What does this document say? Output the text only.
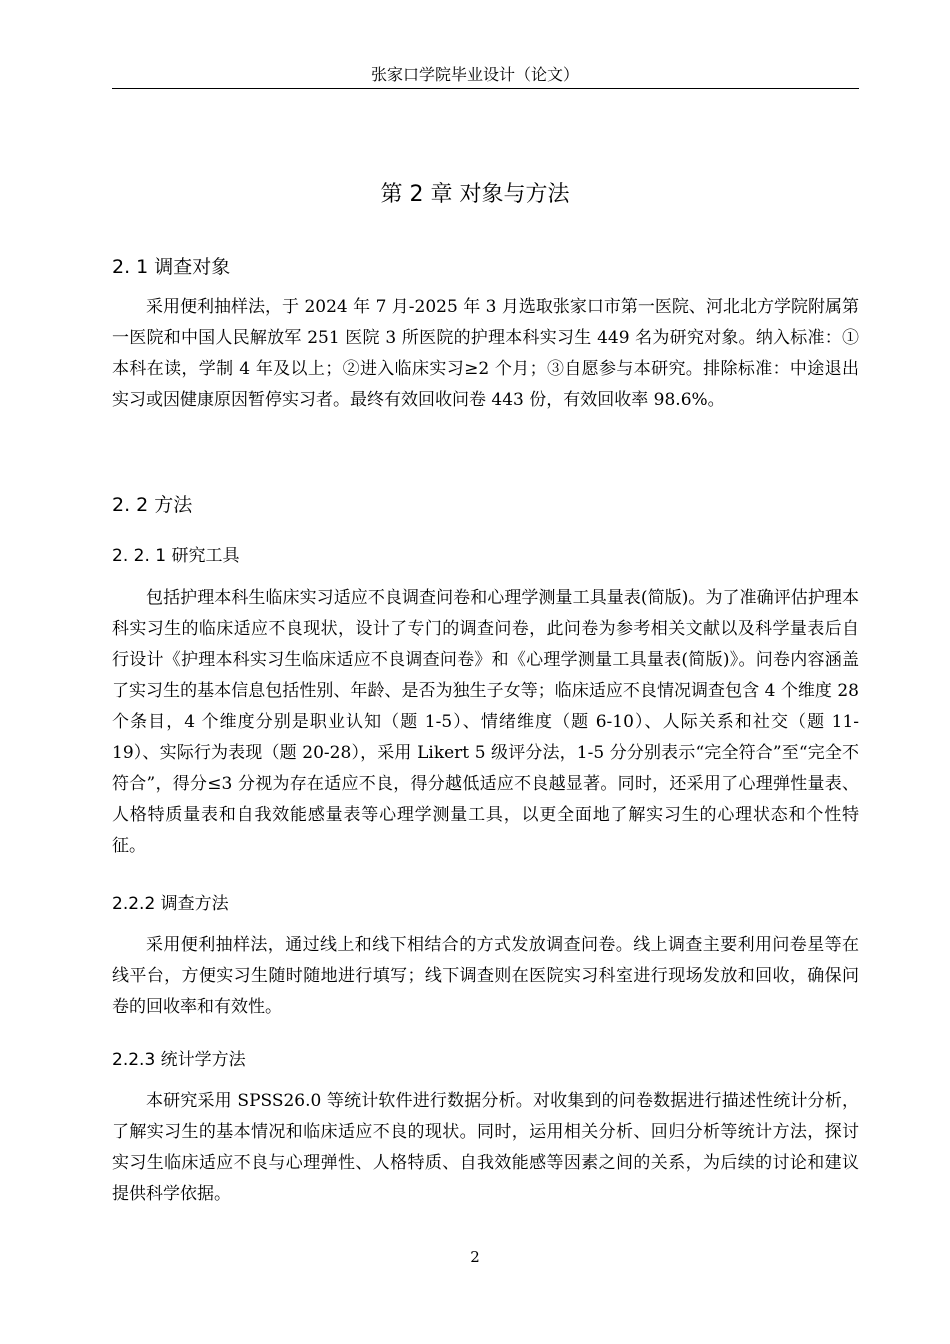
张家口学院毕业设计（论文）
第 2 章 对象与方法
2. 1 调查对象

采用便利抽样法，于 2024 年 7 月-2025 年 3 月选取张家口市第一医院、河北北方学院附属第一医院和中国人民解放军 251 医院 3 所医院的护理本科实习生 449 名为研究对象。纳入标准：①本科在读，学制 4 年及以上；②进入临床实习≥2 个月；③自愿参与本研究。排除标准：中途退出实习或因健康原因暂停实习者。最终有效回收问卷 443 份，有效回收率 98.6%。

2. 2 方法
2. 2. 1 研究工具

包括护理本科生临床实习适应不良调查问卷和心理学测量工具量表(简版)。为了准确评估护理本科实习生的临床适应不良现状，设计了专门的调查问卷，此问卷为参考相关文献以及科学量表后自行设计《护理本科实习生临床适应不良调查问卷》和《心理学测量工具量表(简版)》。问卷内容涵盖了实习生的基本信息包括性别、年龄、是否为独生子女等；临床适应不良情况调查包含 4 个维度 28 个条目，4 个维度分别是职业认知（题 1-5）、情绪维度（题 6-10）、人际关系和社交（题 11-19）、实际行为表现（题 20-28），采用 Likert 5 级评分法，1-5 分分别表示“完全符合”至“完全不符合”，得分≤3 分视为存在适应不良，得分越低适应不良越显著。同时，还采用了心理弹性量表、人格特质量表和自我效能感量表等心理学测量工具，以更全面地了解实习生的心理状态和个性特征。

2.2.2 调查方法

采用便利抽样法，通过线上和线下相结合的方式发放调查问卷。线上调查主要利用问卷星等在线平台，方便实习生随时随地进行填写；线下调查则在医院实习科室进行现场发放和回收，确保问卷的回收率和有效性。

2.2.3 统计学方法

本研究采用 SPSS26.0 等统计软件进行数据分析。对收集到的问卷数据进行描述性统计分析，了解实习生的基本情况和临床适应不良的现状。同时，运用相关分析、回归分析等统计方法，探讨实习生临床适应不良与心理弹性、人格特质、自我效能感等因素之间的关系，为后续的讨论和建议提供科学依据。

2
